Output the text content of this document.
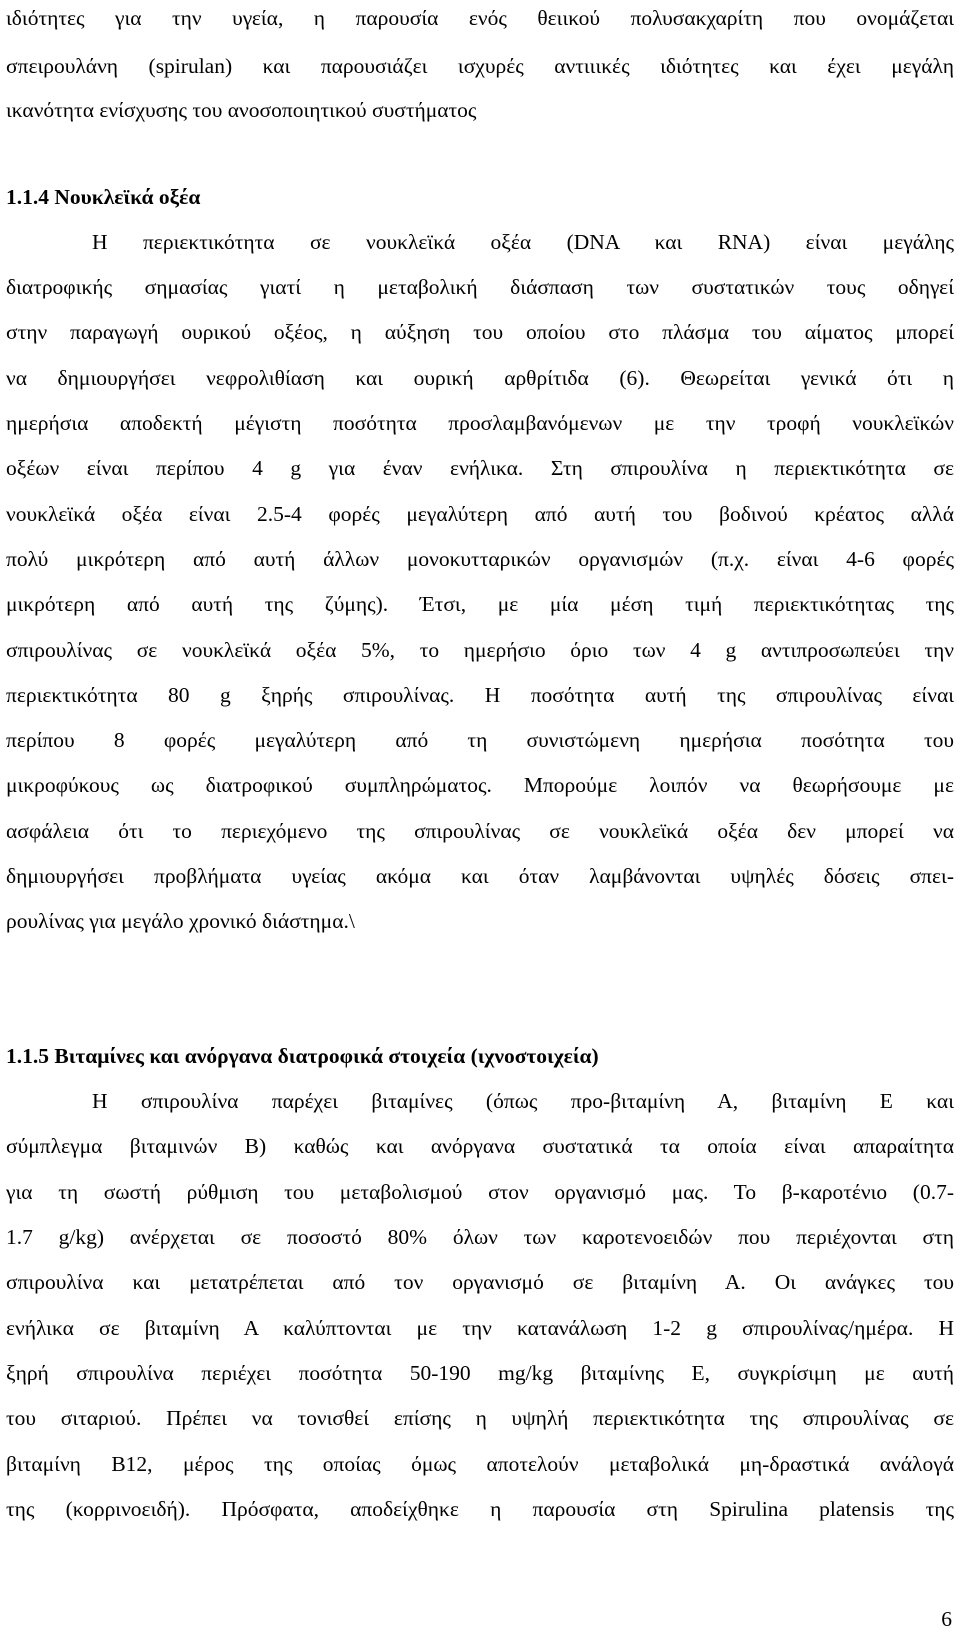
ιδιότητες για την υγεία, η παρουσία ενός θειικού πολυσακχαρίτη που ονομάζεται
σπειρουλάνη (spirulan) και παρουσιάζει ισχυρές αντιιικές ιδιότητες και έχει μεγάλη
ικανότητα ενίσχυσης του ανοσοποιητικού συστήματος
1.1.4 Νουκλεϊκά οξέα
Η περιεκτικότητα σε νουκλεϊκά οξέα (DNA και RNA) είναι μεγάλης
διατροφικής σημασίας γιατί η μεταβολική διάσπαση των συστατικών τους οδηγεί
στην παραγωγή ουρικού οξέος, η αύξηση του οποίου στο πλάσμα του αίματος μπορεί
να δημιουργήσει νεφρολιθίαση και ουρική αρθρίτιδα (6). Θεωρείται γενικά ότι η
ημερήσια αποδεκτή μέγιστη ποσότητα προσλαμβανόμενων με την τροφή νουκλεϊκών
οξέων είναι περίπου 4 g για έναν ενήλικα. Στη σπιρουλίνα η περιεκτικότητα σε
νουκλεϊκά οξέα είναι 2.5-4 φορές μεγαλύτερη από αυτή του βοδινού κρέατος αλλά
πολύ μικρότερη από αυτή άλλων μονοκυτταρικών οργανισμών (π.χ. είναι 4-6 φορές
μικρότερη από αυτή της ζύμης). Έτσι, με μία μέση τιμή περιεκτικότητας της
σπιρουλίνας σε νουκλεϊκά οξέα 5%, το ημερήσιο όριο των 4 g αντιπροσωπεύει την
περιεκτικότητα 80 g ξηρής σπιρουλίνας. Η ποσότητα αυτή της σπιρουλίνας είναι
περίπου 8 φορές μεγαλύτερη από τη συνιστώμενη ημερήσια ποσότητα του
μικροφύκους ως διατροφικού συμπληρώματος. Μπορούμε λοιπόν να θεωρήσουμε με
ασφάλεια ότι το περιεχόμενο της σπιρουλίνας σε νουκλεϊκά οξέα δεν μπορεί να
δημιουργήσει προβλήματα υγείας ακόμα και όταν λαμβάνονται υψηλές δόσεις σπει-
ρουλίνας για μεγάλο χρονικό διάστημα.\
1.1.5 Βιταμίνες και ανόργανα διατροφικά στοιχεία (ιχνοστοιχεία)
Η σπιρουλίνα παρέχει βιταμίνες (όπως προ-βιταμίνη Α, βιταμίνη Ε και
σύμπλεγμα βιταμινών Β) καθώς και ανόργανα συστατικά τα οποία είναι απαραίτητα
για τη σωστή ρύθμιση του μεταβολισμού στον οργανισμό μας. Το β-καροτένιο (0.7-
1.7 g/kg) ανέρχεται σε ποσοστό 80% όλων των καροτενοειδών που περιέχονται στη
σπιρουλίνα και μετατρέπεται από τον οργανισμό σε βιταμίνη Α. Οι ανάγκες του
ενήλικα σε βιταμίνη Α καλύπτονται με την κατανάλωση 1-2 g σπιρουλίνας/ημέρα. Η
ξηρή σπιρουλίνα περιέχει ποσότητα 50-190 mg/kg βιταμίνης Ε, συγκρίσιμη με αυτή
του σιταριού. Πρέπει να τονισθεί επίσης η υψηλή περιεκτικότητα της σπιρουλίνας σε
βιταμίνη Β12, μέρος της οποίας όμως αποτελούν μεταβολικά μη-δραστικά ανάλογά
της (κορρινοειδή). Πρόσφατα, αποδείχθηκε η παρουσία στη Spirulina platensis της
6
